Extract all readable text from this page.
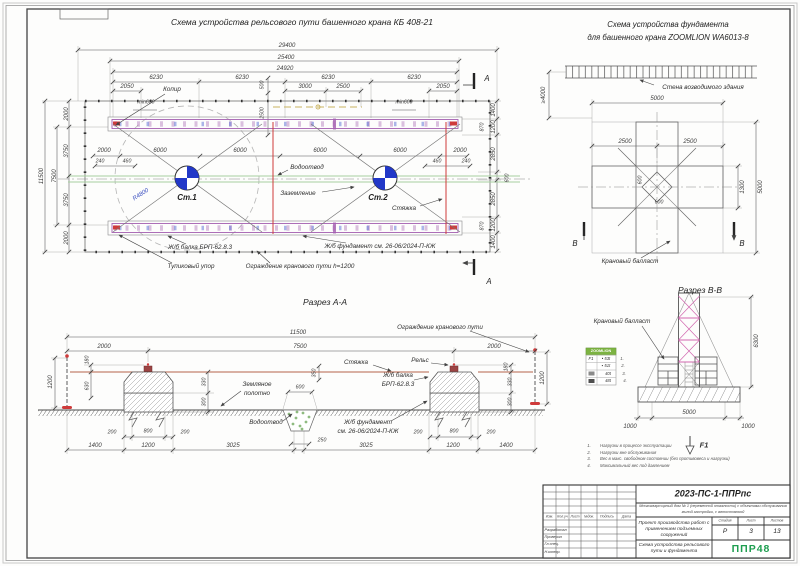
Схема устройства рельсового пути башенного крана КБ 408-21
29400
25400
24920
6230	6230	6230	6230
2050	3000	2500	2050
min600	min600
500
2500
Копир
11500 7500
2000
3750
3750
2000
2000	6000	6000	6000	6000	2000
240	460	460	240
R4800	Ст.1	Ст.2
Водоотвод
Заземление
Стяжка
Ж/б балка БРП-62.8.3	Ж/б фундамент см. 26-06/2024-П-КЖ
Тупиковый упор	Ограждение кранового пути h=1200
1400
1200
2850
2850
1200
1400
870
870
600
А
А
Схема устройства фундамента
для башенного крана ZOOMLION WA6013-8
Стена возводимого здания
≥4000	5000
2500	2500
600
600
1300 5000
В	В
Крановый балласт
Разрез А-А
11500
2000	7500	2000
Ограждение кранового пути
Стяжка	Рельс
Ж/б балка
БРП-62.8.3
Земляное
полотно
Водоотвод	Ж/б фундамент
см. 26-06/2024-П-КЖ
1200
180
630	330
300
350
600
250
180
330
300
1200
1400	1200	3025	3025	1200	1400
200	800	200	200	800	200
Разрез В-В
Крановый балласт
6300
5000
1000	1000
F1
ZOOMLION
F1 • 53t
▪ 51t
40t
48t
1.
2.
3.
4.
1. Нагрузки в процессе эксплуатации
2. Нагрузки вне обслуживания
3. Вес в макс. свободном состоянии (без противовеса и нагрузки)
4. Максимальный вес под давлением
2023-ПС-1-ППРпс
Многоквартирный дом № 1 (переменной этажности) с объектами обслуживания
жилой застройки, с автостоянкой
Проект производства работ с применением подъемных сооружений
Стадия	Лист	Листов
Р	3	13
Схема устройства рельсового пути и фундамента	ППР48
Изм. Кол.уч Лист №док. Подпись Дата
Разработал
Проверил
Гл.спец.
Н.контр.
